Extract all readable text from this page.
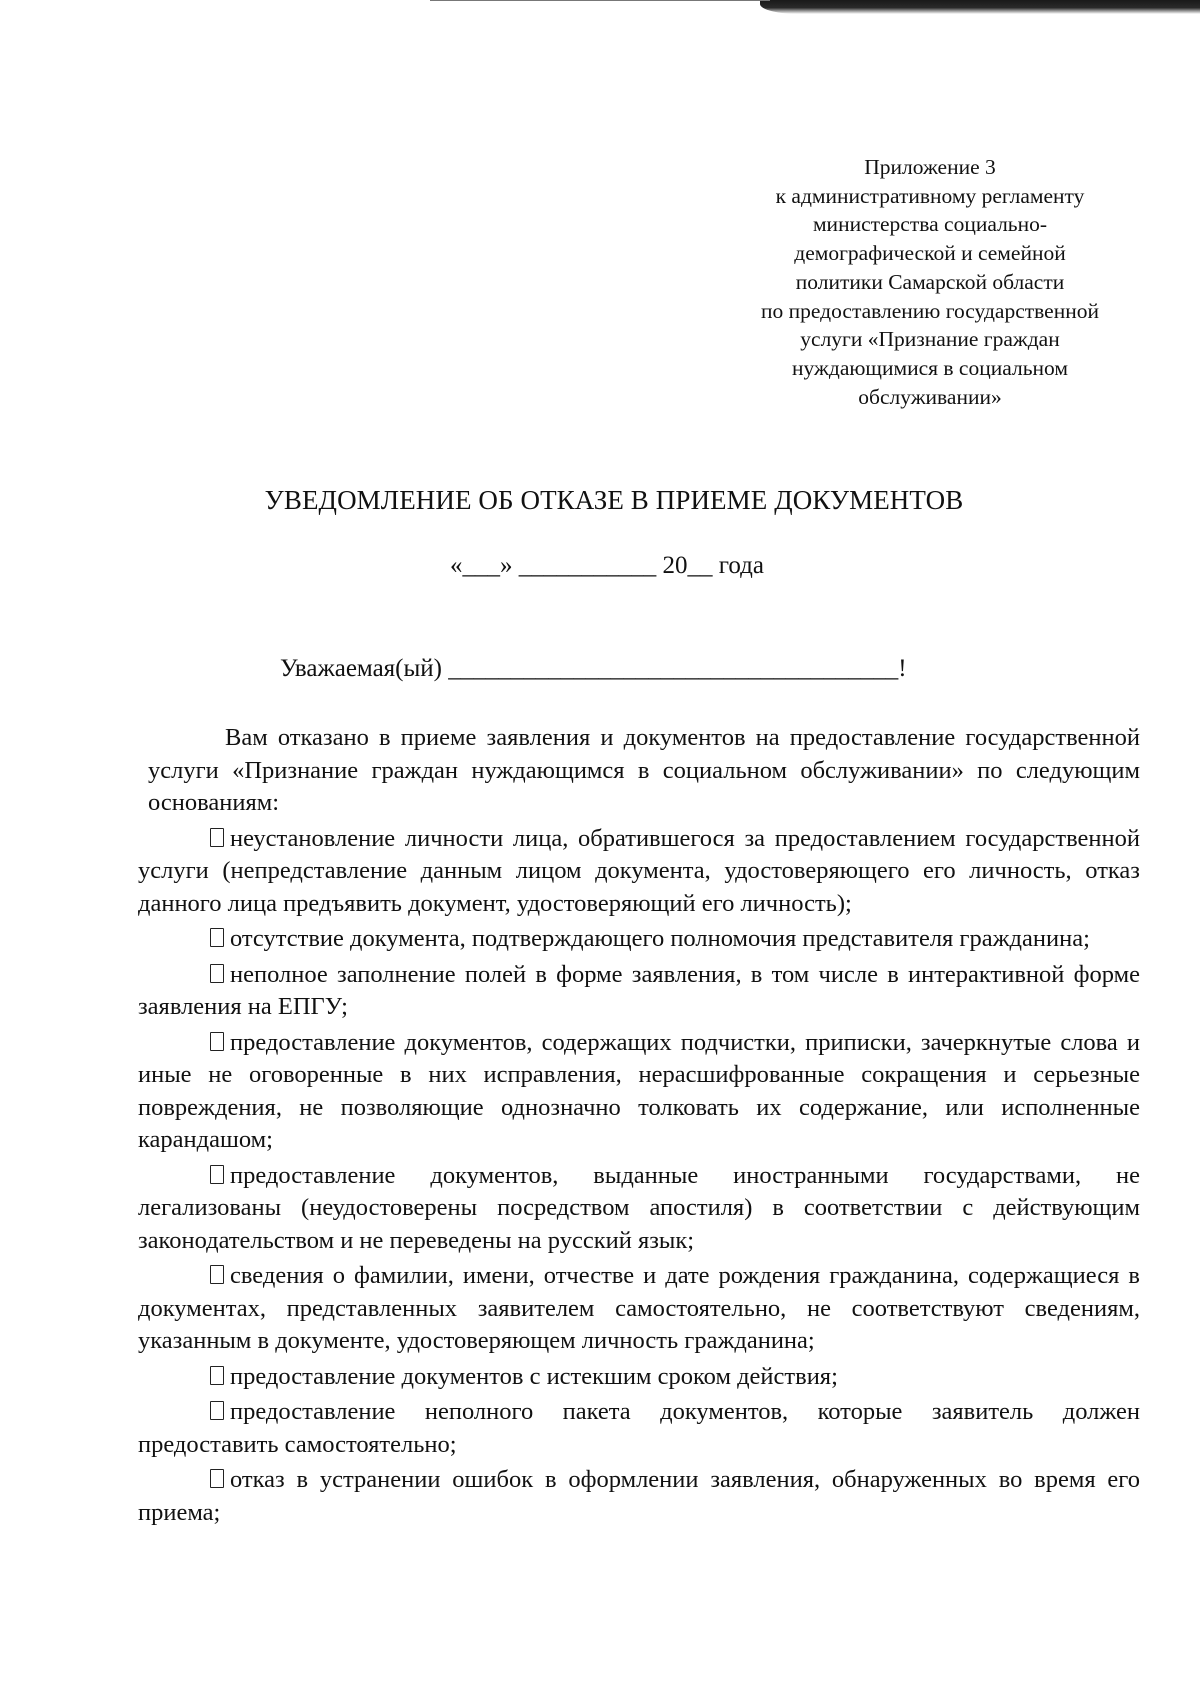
Приложение 3
к административному регламенту
министерства социально-
демографической и семейной
политики Самарской области
по предоставлению государственной
услуги «Признание граждан
нуждающимися в социальном
обслуживании»
УВЕДОМЛЕНИЕ ОБ ОТКАЗЕ В ПРИЕМЕ ДОКУМЕНТОВ
«___» ___________ 20__ года
Уважаемая(ый) ____________________________________!

Вам отказано в приеме заявления и документов на предоставление государственной услуги «Признание граждан нуждающимся в социальном обслуживании» по следующим основаниям:

неустановление личности лица, обратившегося за предоставлением государственной услуги (непредставление данным лицом документа, удостоверяющего его личность, отказ данного лица предъявить документ, удостоверяющий его личность);

отсутствие документа, подтверждающего полномочия представителя гражданина;

неполное заполнение полей в форме заявления, в том числе в интерактивной форме заявления на ЕПГУ;

предоставление документов, содержащих подчистки, приписки, зачеркнутые слова и иные не оговоренные в них исправления, нерасшифрованные сокращения и серьезные повреждения, не позволяющие однозначно толковать их содержание, или исполненные карандашом;

предоставление документов, выданные иностранными государствами, не легализованы (неудостоверены посредством апостиля) в соответствии с действующим законодательством и не переведены на русский язык;

сведения о фамилии, имени, отчестве и дате рождения гражданина, содержащиеся в документах, представленных заявителем самостоятельно, не соответствуют сведениям, указанным в документе, удостоверяющем личность гражданина;

предоставление документов с истекшим сроком действия;

предоставление неполного пакета документов, которые заявитель должен предоставить самостоятельно;

отказ в устранении ошибок в оформлении заявления, обнаруженных во время его приема;
